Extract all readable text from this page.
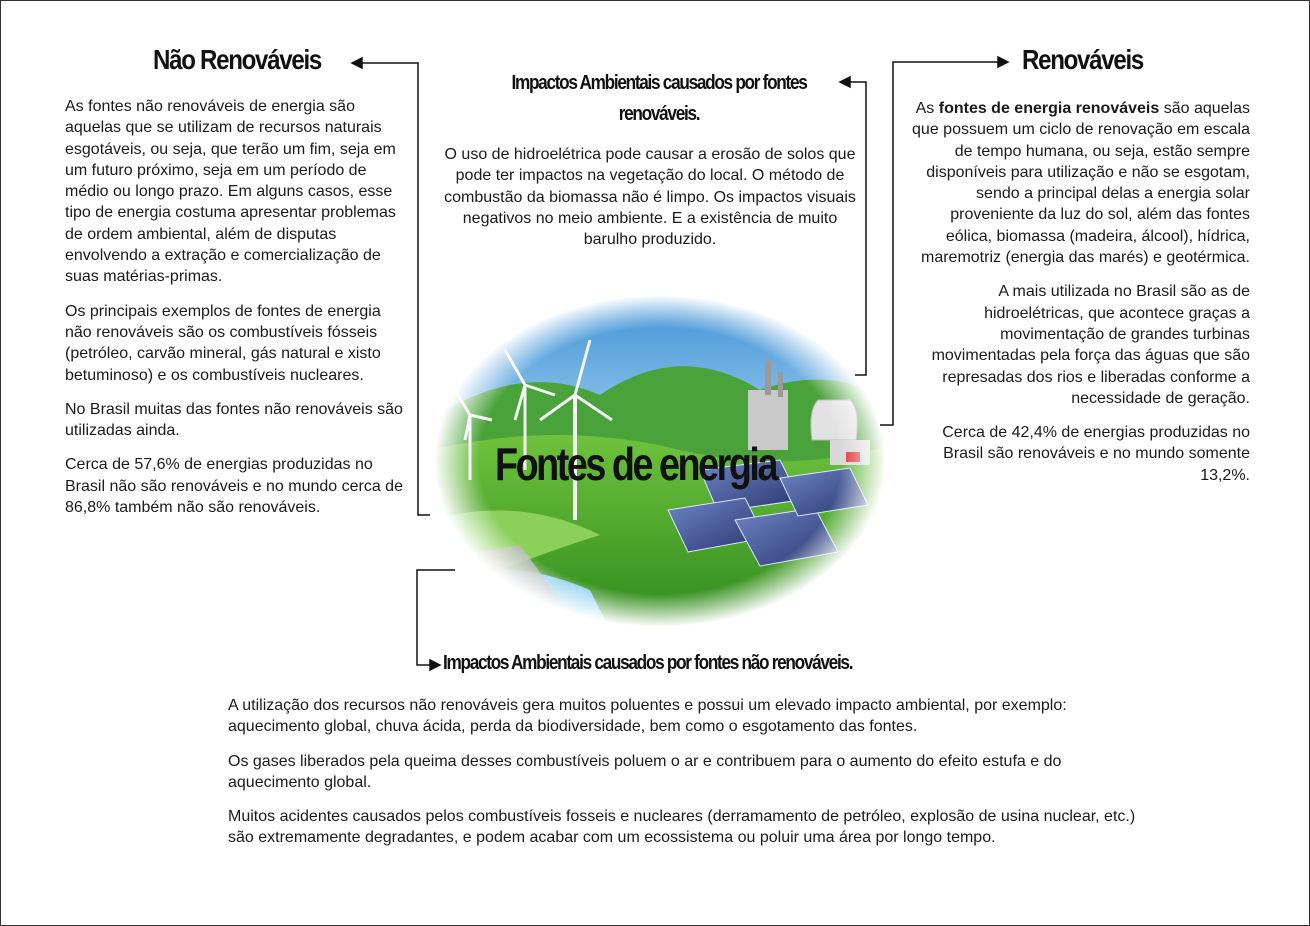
Fontes de energia
Não Renováveis

As fontes não renováveis de energia são aquelas que se utilizam de recursos naturais esgotáveis, ou seja, que terão um fim, seja em um futuro próximo, seja em um período de médio ou longo prazo. Em alguns casos, esse tipo de energia costuma apresentar problemas de ordem ambiental, além de disputas envolvendo a extração e comercialização de suas matérias-primas.

Os principais exemplos de fontes de energia não renováveis são os combustíveis fósseis (petróleo, carvão mineral, gás natural e xisto betuminoso) e os combustíveis nucleares.

No Brasil muitas das fontes não renováveis são utilizadas ainda.

Cerca de 57,6% de energias produzidas no Brasil não são renováveis e no mundo cerca de 86,8% também não são renováveis.

Impactos Ambientais causados por fontes renováveis.

O uso de hidroelétrica pode causar a erosão de solos que pode ter impactos na vegetação do local. O método de combustão da biomassa não é limpo. Os impactos visuais negativos no meio ambiente. E a existência de muito barulho produzido.

Renováveis

As fontes de energia renováveis são aquelas que possuem um ciclo de renovação em escala de tempo humana, ou seja, estão sempre disponíveis para utilização e não se esgotam, sendo a principal delas a energia solar proveniente da luz do sol, além das fontes eólica, biomassa (madeira, álcool), hídrica, maremotriz (energia das marés) e geotérmica.

A mais utilizada no Brasil são as de hidroelétricas, que acontece graças a movimentação de grandes turbinas movimentadas pela força das águas que são represadas dos rios e liberadas conforme a necessidade de geração.

Cerca de 42,4% de energias produzidas no Brasil são renováveis e no mundo somente 13,2%.

Impactos Ambientais causados por fontes não renováveis.

A utilização dos recursos não renováveis gera muitos poluentes e possui um elevado impacto ambiental, por exemplo: aquecimento global, chuva ácida, perda da biodiversidade, bem como o esgotamento das fontes.

Os gases liberados pela queima desses combustíveis poluem o ar e contribuem para o aumento do efeito estufa e do aquecimento global.

Muitos acidentes causados pelos combustíveis fosseis e nucleares (derramamento de petróleo, explosão de usina nuclear, etc.) são extremamente degradantes, e podem acabar com um ecossistema ou poluir uma área por longo tempo.
